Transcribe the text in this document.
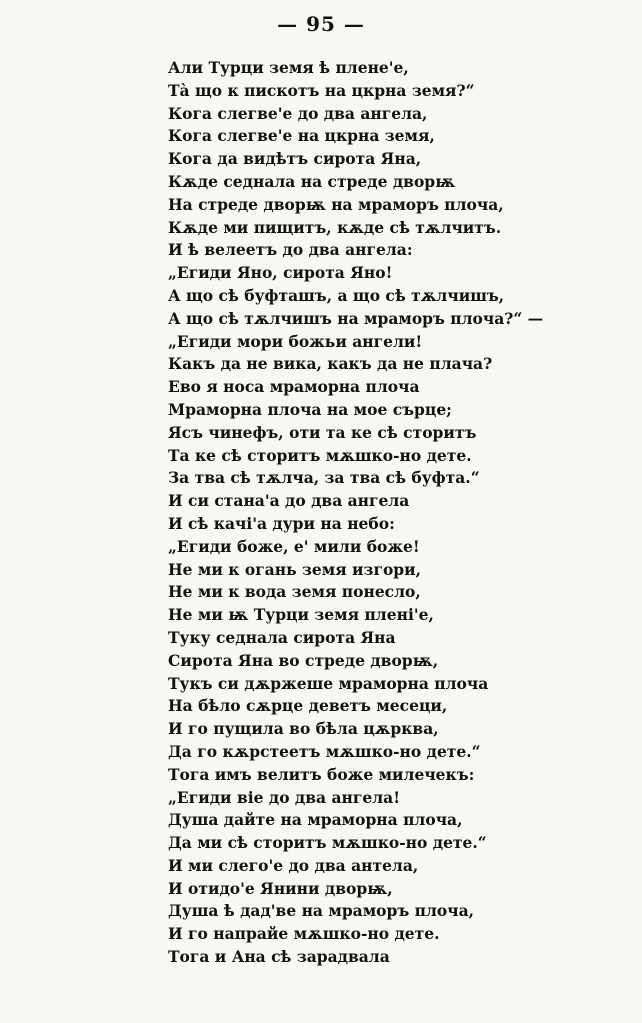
— 95 —
Али Турци земя ѣ плене'е,
Тà що к пискотъ на цкрна земя?“
Кога слегве'е до два ангела,
Кога слегве'е на цкрна земя,
Кога да видѣтъ сирота Яна,
Кѫде седнала на стреде дворѭ
На стреде дворѭ на мраморъ плоча,
Кѫде ми пищитъ, кѫде сѣ тѫлчитъ.
И ѣ велеетъ до два ангела:
„Егиди Яно, сирота Яно!
А що сѣ буфташъ, а що сѣ тѫлчишъ,
А що сѣ тѫлчишъ на мраморъ плоча?“ —
„Егиди мори божьи ангели!
Какъ да не вика, какъ да не плача?
Ево я носа мраморна плоча
Мраморна плоча на мое сърце;
Ясъ чинефъ, оти та ке сѣ сторитъ
Та ке сѣ сторитъ мѫшко-но дете.
За тва сѣ тѫлча, за тва сѣ буфта.“
И си стана'а до два ангела
И сѣ качі'а дури на небо:
„Егиди боже, е' мили боже!
Не ми к огань земя изгори,
Не ми к вода земя понесло,
Не ми ѭ Турци земя плені'е,
Туку седнала сирота Яна
Сирота Яна во стреде дворѭ,
Тукъ си дѫржеше мраморна плоча
На бѣло сѫрце деветъ месеци,
И го пущила во бѣла цѫрква,
Да го кѫрстеетъ мѫшко-но дете.“
Тога имъ велитъ боже милечекъ:
„Егиди віе до два ангела!
Душа дайте на мраморна плоча,
Да ми сѣ сторитъ мѫшко-но дете.“
И ми слего'е до два антела,
И отидо'е Янини дворѭ,
Душа ѣ дад'ве на мраморъ плоча,
И го напрайе мѫшко-но дете.
Тога и Ана сѣ зарадвала
